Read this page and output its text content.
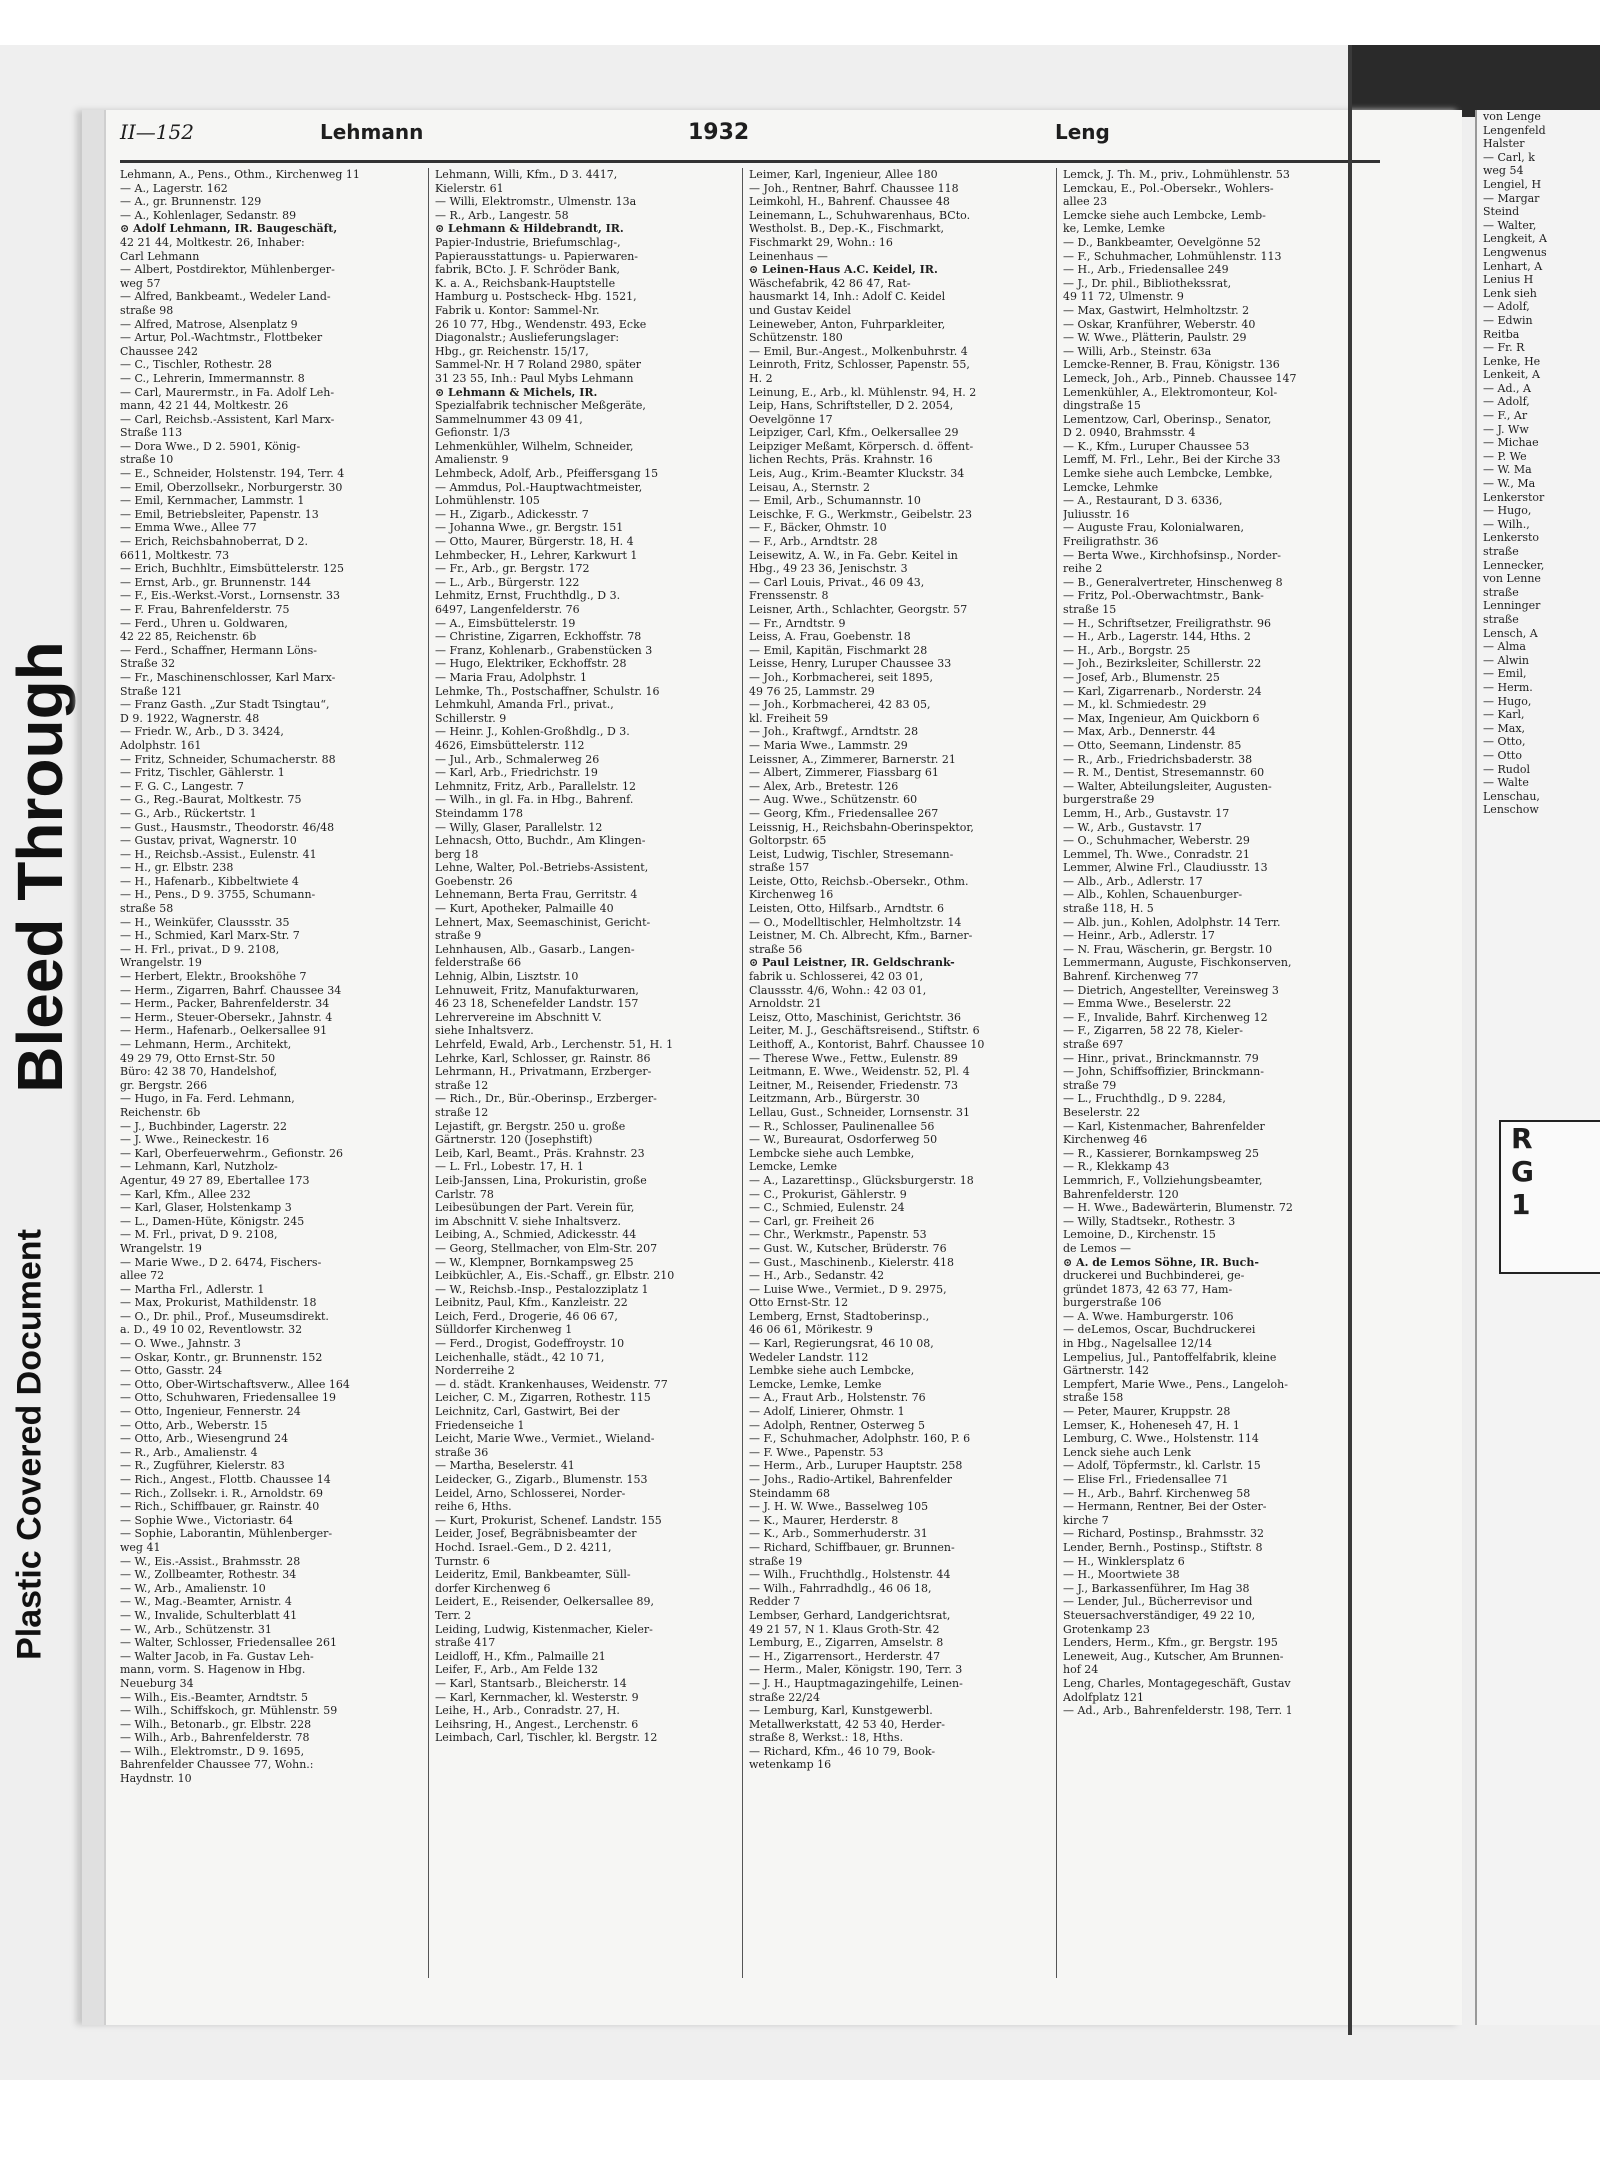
Bleed Through
Plastic Covered Document
II—152	Lehmann	1932	Leng
Lehmann, A., Pens., Othm., Kirchenweg 11
— A., Lagerstr. 162
— A., gr. Brunnenstr. 129
— A., Kohlenlager, Sedanstr. 89
⊙ Adolf Lehmann, IR. Baugeschäft,
42 21 44, Moltkestr. 26, Inhaber:
Carl Lehmann
— Albert, Postdirektor, Mühlenberger-
weg 57
— Alfred, Bankbeamt., Wedeler Land-
straße 98
— Alfred, Matrose, Alsenplatz 9
— Artur, Pol.-Wachtmstr., Flottbeker
Chaussee 242
— C., Tischler, Rothestr. 28
— C., Lehrerin, Immermannstr. 8
— Carl, Maurermstr., in Fa. Adolf Leh-
mann, 42 21 44, Moltkestr. 26
— Carl, Reichsb.-Assistent, Karl Marx-
Straße 113
— Dora Wwe., D 2. 5901, König-
straße 10
— E., Schneider, Holstenstr. 194, Terr. 4
— Emil, Oberzollsekr., Norburgerstr. 30
— Emil, Kernmacher, Lammstr. 1
— Emil, Betriebsleiter, Papenstr. 13
— Emma Wwe., Allee 77
— Erich, Reichsbahnoberrat, D 2.
6611, Moltkestr. 73
— Erich, Buchhltr., Eimsbüttelerstr. 125
— Ernst, Arb., gr. Brunnenstr. 144
— F., Eis.-Werkst.-Vorst., Lornsenstr. 33
— F. Frau, Bahrenfelderstr. 75
— Ferd., Uhren u. Goldwaren,
42 22 85, Reichenstr. 6b
— Ferd., Schaffner, Hermann Löns-
Straße 32
— Fr., Maschinenschlosser, Karl Marx-
Straße 121
— Franz Gasth. „Zur Stadt Tsingtau“,
D 9. 1922, Wagnerstr. 48
— Friedr. W., Arb., D 3. 3424,
Adolphstr. 161
— Fritz, Schneider, Schumacherstr. 88
— Fritz, Tischler, Gählerstr. 1
— F. G. C., Langestr. 7
— G., Reg.-Baurat, Moltkestr. 75
— G., Arb., Rückertstr. 1
— Gust., Hausmstr., Theodorstr. 46/48
— Gustav, privat, Wagnerstr. 10
— H., Reichsb.-Assist., Eulenstr. 41
— H., gr. Elbstr. 238
— H., Hafenarb., Kibbeltwiete 4
— H., Pens., D 9. 3755, Schumann-
straße 58
— H., Weinküfer, Claussstr. 35
— H., Schmied, Karl Marx-Str. 7
— H. Frl., privat., D 9. 2108,
Wrangelstr. 19
— Herbert, Elektr., Brookshöhe 7
— Herm., Zigarren, Bahrf. Chaussee 34
— Herm., Packer, Bahrenfelderstr. 34
— Herm., Steuer-Obersekr., Jahnstr. 4
— Herm., Hafenarb., Oelkersallee 91
— Lehmann, Herm., Architekt,
49 29 79, Otto Ernst-Str. 50
Büro: 42 38 70, Handelshof,
gr. Bergstr. 266
— Hugo, in Fa. Ferd. Lehmann,
Reichenstr. 6b
— J., Buchbinder, Lagerstr. 22
— J. Wwe., Reineckestr. 16
— Karl, Oberfeuerwehrm., Gefionstr. 26
— Lehmann, Karl, Nutzholz-
Agentur, 49 27 89, Ebertallee 173
— Karl, Kfm., Allee 232
— Karl, Glaser, Holstenkamp 3
— L., Damen-Hüte, Königstr. 245
— M. Frl., privat, D 9. 2108,
Wrangelstr. 19
— Marie Wwe., D 2. 6474, Fischers-
allee 72
— Martha Frl., Adlerstr. 1
— Max, Prokurist, Mathildenstr. 18
— O., Dr. phil., Prof., Museumsdirekt.
a. D., 49 10 02, Reventlowstr. 32
— O. Wwe., Jahnstr. 3
— Oskar, Kontr., gr. Brunnenstr. 152
— Otto, Gasstr. 24
— Otto, Ober-Wirtschaftsverw., Allee 164
— Otto, Schuhwaren, Friedensallee 19
— Otto, Ingenieur, Fennerstr. 24
— Otto, Arb., Weberstr. 15
— Otto, Arb., Wiesengrund 24
— R., Arb., Amalienstr. 4
— R., Zugführer, Kielerstr. 83
— Rich., Angest., Flottb. Chaussee 14
— Rich., Zollsekr. i. R., Arnoldstr. 69
— Rich., Schiffbauer, gr. Rainstr. 40
— Sophie Wwe., Victoriastr. 64
— Sophie, Laborantin, Mühlenberger-
weg 41
— W., Eis.-Assist., Brahmsstr. 28
— W., Zollbeamter, Rothestr. 34
— W., Arb., Amalienstr. 10
— W., Mag.-Beamter, Arnistr. 4
— W., Invalide, Schulterblatt 41
— W., Arb., Schützenstr. 31
— Walter, Schlosser, Friedensallee 261
— Walter Jacob, in Fa. Gustav Leh-
mann, vorm. S. Hagenow in Hbg.
Neueburg 34
— Wilh., Eis.-Beamter, Arndtstr. 5
— Wilh., Schiffskoch, gr. Mühlenstr. 59
— Wilh., Betonarb., gr. Elbstr. 228
— Wilh., Arb., Bahrenfelderstr. 78
— Wilh., Elektromstr., D 9. 1695,
Bahrenfelder Chaussee 77, Wohn.:
Haydnstr. 10
Lehmann, Willi, Kfm., D 3. 4417,
Kielerstr. 61
— Willi, Elektromstr., Ulmenstr. 13a
— R., Arb., Langestr. 58
⊙ Lehmann & Hildebrandt, IR.
Papier-Industrie, Briefumschlag-,
Papierausstattungs- u. Papierwaren-
fabrik, BCto. J. F. Schröder Bank,
K. a. A., Reichsbank-Hauptstelle
Hamburg u. Postscheck- Hbg. 1521,
Fabrik u. Kontor: Sammel-Nr.
26 10 77, Hbg., Wendenstr. 493, Ecke
Diagonalstr.; Auslieferungslager:
Hbg., gr. Reichenstr. 15/17,
Sammel-Nr. H 7 Roland 2980, später
31 23 55, Inh.: Paul Mybs Lehmann
⊙ Lehmann & Michels, IR.
Spezialfabrik technischer Meßgeräte,
Sammelnummer 43 09 41,
Gefionstr. 1/3
Lehmenkühler, Wilhelm, Schneider,
Amalienstr. 9
Lehmbeck, Adolf, Arb., Pfeiffersgang 15
— Ammdus, Pol.-Hauptwachtmeister,
Lohmühlenstr. 105
— H., Zigarb., Adickesstr. 7
— Johanna Wwe., gr. Bergstr. 151
— Otto, Maurer, Bürgerstr. 18, H. 4
Lehmbecker, H., Lehrer, Karkwurt 1
— Fr., Arb., gr. Bergstr. 172
— L., Arb., Bürgerstr. 122
Lehmitz, Ernst, Fruchthdlg., D 3.
6497, Langenfelderstr. 76
— A., Eimsbüttelerstr. 19
— Christine, Zigarren, Eckhoffstr. 78
— Franz, Kohlenarb., Grabenstücken 3
— Hugo, Elektriker, Eckhoffstr. 28
— Maria Frau, Adolphstr. 1
Lehmke, Th., Postschaffner, Schulstr. 16
Lehmkuhl, Amanda Frl., privat.,
Schillerstr. 9
— Heinr. J., Kohlen-Großhdlg., D 3.
4626, Eimsbüttelerstr. 112
— Jul., Arb., Schmalerweg 26
— Karl, Arb., Friedrichstr. 19
Lehmnitz, Fritz, Arb., Parallelstr. 12
— Wilh., in gl. Fa. in Hbg., Bahrenf.
Steindamm 178
— Willy, Glaser, Parallelstr. 12
Lehnacsh, Otto, Buchdr., Am Klingen-
berg 18
Lehne, Walter, Pol.-Betriebs-Assistent,
Goebenstr. 26
Lehnemann, Berta Frau, Gerritstr. 4
— Kurt, Apotheker, Palmaille 40
Lehnert, Max, Seemaschinist, Gericht-
straße 9
Lehnhausen, Alb., Gasarb., Langen-
felderstraße 66
Lehnig, Albin, Lisztstr. 10
Lehnuweit, Fritz, Manufakturwaren,
46 23 18, Schenefelder Landstr. 157
Lehrervereine im Abschnitt V.
siehe Inhaltsverz.
Lehrfeld, Ewald, Arb., Lerchenstr. 51, H. 1
Lehrke, Karl, Schlosser, gr. Rainstr. 86
Lehrmann, H., Privatmann, Erzberger-
straße 12
— Rich., Dr., Bür.-Oberinsp., Erzberger-
straße 12
Lejastift, gr. Bergstr. 250 u. große
Gärtnerstr. 120 (Josephstift)
Leib, Karl, Beamt., Präs. Krahnstr. 23
— L. Frl., Lobestr. 17, H. 1
Leib-Janssen, Lina, Prokuristin, große
Carlstr. 78
Leibesübungen der Part. Verein für,
im Abschnitt V. siehe Inhaltsverz.
Leibing, A., Schmied, Adickesstr. 44
— Georg, Stellmacher, von Elm-Str. 207
— W., Klempner, Bornkampsweg 25
Leibküchler, A., Eis.-Schaff., gr. Elbstr. 210
— W., Reichsb.-Insp., Pestalozziplatz 1
Leibnitz, Paul, Kfm., Kanzleistr. 22
Leich, Ferd., Drogerie, 46 06 67,
Sülldorfer Kirchenweg 1
— Ferd., Drogist, Godeffroystr. 10
Leichenhalle, städt., 42 10 71,
Norderreihe 2
— d. städt. Krankenhauses, Weidenstr. 77
Leicher, C. M., Zigarren, Rothestr. 115
Leichnitz, Carl, Gastwirt, Bei der
Friedenseiche 1
Leicht, Marie Wwe., Vermiet., Wieland-
straße 36
— Martha, Beselerstr. 41
Leidecker, G., Zigarb., Blumenstr. 153
Leidel, Arno, Schlosserei, Norder-
reihe 6, Hths.
— Kurt, Prokurist, Schenef. Landstr. 155
Leider, Josef, Begräbnisbeamter der
Hochd. Israel.-Gem., D 2. 4211,
Turnstr. 6
Leideritz, Emil, Bankbeamter, Süll-
dorfer Kirchenweg 6
Leidert, E., Reisender, Oelkersallee 89,
Terr. 2
Leiding, Ludwig, Kistenmacher, Kieler-
straße 417
Leidloff, H., Kfm., Palmaille 21
Leifer, F., Arb., Am Felde 132
— Karl, Stantsarb., Bleicherstr. 14
— Karl, Kernmacher, kl. Westerstr. 9
Leihe, H., Arb., Conradstr. 27, H.
Leihsring, H., Angest., Lerchenstr. 6
Leimbach, Carl, Tischler, kl. Bergstr. 12
Leimer, Karl, Ingenieur, Allee 180
— Joh., Rentner, Bahrf. Chaussee 118
Leimkohl, H., Bahrenf. Chaussee 48
Leinemann, L., Schuhwarenhaus, BCto.
Westholst. B., Dep.-K., Fischmarkt,
Fischmarkt 29, Wohn.: 16
Leinenhaus —
⊙ Leinen-Haus A.C. Keidel, IR.
Wäschefabrik, 42 86 47, Rat-
hausmarkt 14, Inh.: Adolf C. Keidel
und Gustav Keidel
Leineweber, Anton, Fuhrparkleiter,
Schützenstr. 180
— Emil, Bur.-Angest., Molkenbuhrstr. 4
Leinroth, Fritz, Schlosser, Papenstr. 55,
H. 2
Leinung, E., Arb., kl. Mühlenstr. 94, H. 2
Leip, Hans, Schriftsteller, D 2. 2054,
Oevelgönne 17
Leipziger, Carl, Kfm., Oelkersallee 29
Leipziger Meßamt, Körpersch. d. öffent-
lichen Rechts, Präs. Krahnstr. 16
Leis, Aug., Krim.-Beamter Kluckstr. 34
Leisau, A., Sternstr. 2
— Emil, Arb., Schumannstr. 10
Leischke, F. G., Werkmstr., Geibelstr. 23
— F., Bäcker, Ohmstr. 10
— F., Arb., Arndtstr. 28
Leisewitz, A. W., in Fa. Gebr. Keitel in
Hbg., 49 23 36, Jenischstr. 3
— Carl Louis, Privat., 46 09 43,
Frenssenstr. 8
Leisner, Arth., Schlachter, Georgstr. 57
— Fr., Arndtstr. 9
Leiss, A. Frau, Goebenstr. 18
— Emil, Kapitän, Fischmarkt 28
Leisse, Henry, Luruper Chaussee 33
— Joh., Korbmacherei, seit 1895,
49 76 25, Lammstr. 29
— Joh., Korbmacherei, 42 83 05,
kl. Freiheit 59
— Joh., Kraftwgf., Arndtstr. 28
— Maria Wwe., Lammstr. 29
Leissner, A., Zimmerer, Barnerstr. 21
— Albert, Zimmerer, Fiassbarg 61
— Alex, Arb., Bretestr. 126
— Aug. Wwe., Schützenstr. 60
— Georg, Kfm., Friedensallee 267
Leissnig, H., Reichsbahn-Oberinspektor,
Goltorpstr. 65
Leist, Ludwig, Tischler, Stresemann-
straße 157
Leiste, Otto, Reichsb.-Obersekr., Othm.
Kirchenweg 16
Leisten, Otto, Hilfsarb., Arndtstr. 6
— O., Modelltischler, Helmholtzstr. 14
Leistner, M. Ch. Albrecht, Kfm., Barner-
straße 56
⊙ Paul Leistner, IR. Geldschrank-
fabrik u. Schlosserei, 42 03 01,
Claussstr. 4/6, Wohn.: 42 03 01,
Arnoldstr. 21
Leisz, Otto, Maschinist, Gerichtstr. 36
Leiter, M. J., Geschäftsreisend., Stiftstr. 6
Leithoff, A., Kontorist, Bahrf. Chaussee 10
— Therese Wwe., Fettw., Eulenstr. 89
Leitmann, E. Wwe., Weidenstr. 52, Pl. 4
Leitner, M., Reisender, Friedenstr. 73
Leitzmann, Arb., Bürgerstr. 30
Lellau, Gust., Schneider, Lornsenstr. 31
— R., Schlosser, Paulinenallee 56
— W., Bureaurat, Osdorferweg 50
Lembcke siehe auch Lembke,
Lemcke, Lemke
— A., Lazarettinsp., Glücksburgerstr. 18
— C., Prokurist, Gählerstr. 9
— C., Schmied, Eulenstr. 24
— Carl, gr. Freiheit 26
— Chr., Werkmstr., Papenstr. 53
— Gust. W., Kutscher, Brüderstr. 76
— Gust., Maschinenb., Kielerstr. 418
— H., Arb., Sedanstr. 42
— Luise Wwe., Vermiet., D 9. 2975,
Otto Ernst-Str. 12
Lemberg, Ernst, Stadtoberinsp.,
46 06 61, Mörikestr. 9
— Karl, Regierungsrat, 46 10 08,
Wedeler Landstr. 112
Lembke siehe auch Lembcke,
Lemcke, Lemke, Lemke
— A., Fraut Arb., Holstenstr. 76
— Adolf, Linierer, Ohmstr. 1
— Adolph, Rentner, Osterweg 5
— F., Schuhmacher, Adolphstr. 160, P. 6
— F. Wwe., Papenstr. 53
— Herm., Arb., Luruper Hauptstr. 258
— Johs., Radio-Artikel, Bahrenfelder
Steindamm 68
— J. H. W. Wwe., Basselweg 105
— K., Maurer, Herderstr. 8
— K., Arb., Sommerhuderstr. 31
— Richard, Schiffbauer, gr. Brunnen-
straße 19
— Wilh., Fruchthdlg., Holstenstr. 44
— Wilh., Fahrradhdlg., 46 06 18,
Redder 7
Lembser, Gerhard, Landgerichtsrat,
49 21 57, N 1. Klaus Groth-Str. 42
Lemburg, E., Zigarren, Amselstr. 8
— H., Zigarrensort., Herderstr. 47
— Herm., Maler, Königstr. 190, Terr. 3
— J. H., Hauptmagazingehilfe, Leinen-
straße 22/24
— Lemburg, Karl, Kunstgewerbl.
Metallwerkstatt, 42 53 40, Herder-
straße 8, Werkst.: 18, Hths.
— Richard, Kfm., 46 10 79, Book-
wetenkamp 16
Lemck, J. Th. M., priv., Lohmühlenstr. 53
Lemckau, E., Pol.-Obersekr., Wohlers-
allee 23
Lemcke siehe auch Lembcke, Lemb-
ke, Lemke, Lemke
— D., Bankbeamter, Oevelgönne 52
— F., Schuhmacher, Lohmühlenstr. 113
— H., Arb., Friedensallee 249
— J., Dr. phil., Bibliothekssrat,
49 11 72, Ulmenstr. 9
— Max, Gastwirt, Helmholtzstr. 2
— Oskar, Kranführer, Weberstr. 40
— W. Wwe., Plätterin, Paulstr. 29
— Willi, Arb., Steinstr. 63a
Lemcke-Renner, B. Frau, Königstr. 136
Lemeck, Joh., Arb., Pinneb. Chaussee 147
Lemenkühler, A., Elektromonteur, Kol-
dingstraße 15
Lementzow, Carl, Oberinsp., Senator,
D 2. 0940, Brahmsstr. 4
— K., Kfm., Luruper Chaussee 53
Lemff, M. Frl., Lehr., Bei der Kirche 33
Lemke siehe auch Lembcke, Lembke,
Lemcke, Lehmke
— A., Restaurant, D 3. 6336,
Juliusstr. 16
— Auguste Frau, Kolonialwaren,
Freiligrathstr. 36
— Berta Wwe., Kirchhofsinsp., Norder-
reihe 2
— B., Generalvertreter, Hinschenweg 8
— Fritz, Pol.-Oberwachtmstr., Bank-
straße 15
— H., Schriftsetzer, Freiligrathstr. 96
— H., Arb., Lagerstr. 144, Hths. 2
— H., Arb., Borgstr. 25
— Joh., Bezirksleiter, Schillerstr. 22
— Josef, Arb., Blumenstr. 25
— Karl, Zigarrenarb., Norderstr. 24
— M., kl. Schmiedestr. 29
— Max, Ingenieur, Am Quickborn 6
— Max, Arb., Dennerstr. 44
— Otto, Seemann, Lindenstr. 85
— R., Arb., Friedrichsbaderstr. 38
— R. M., Dentist, Stresemannstr. 60
— Walter, Abteilungsleiter, Augusten-
burgerstraße 29
Lemm, H., Arb., Gustavstr. 17
— W., Arb., Gustavstr. 17
— O., Schuhmacher, Weberstr. 29
Lemmel, Th. Wwe., Conradstr. 21
Lemmer, Alwine Frl., Claudiusstr. 13
— Alb., Arb., Adlerstr. 17
— Alb., Kohlen, Schauenburger-
straße 118, H. 5
— Alb. jun., Kohlen, Adolphstr. 14 Terr.
— Heinr., Arb., Adlerstr. 17
— N. Frau, Wäscherin, gr. Bergstr. 10
Lemmermann, Auguste, Fischkonserven,
Bahrenf. Kirchenweg 77
— Dietrich, Angestellter, Vereinsweg 3
— Emma Wwe., Beselerstr. 22
— F., Invalide, Bahrf. Kirchenweg 12
— F., Zigarren, 58 22 78, Kieler-
straße 697
— Hinr., privat., Brinckmannstr. 79
— John, Schiffsoffizier, Brinckmann-
straße 79
— L., Fruchthdlg., D 9. 2284,
Beselerstr. 22
— Karl, Kistenmacher, Bahrenfelder
Kirchenweg 46
— R., Kassierer, Bornkampsweg 25
— R., Klekkamp 43
Lemmrich, F., Vollziehungsbeamter,
Bahrenfelderstr. 120
— H. Wwe., Badewärterin, Blumenstr. 72
— Willy, Stadtsekr., Rothestr. 3
Lemoine, D., Kirchenstr. 15
de Lemos —
⊙ A. de Lemos Söhne, IR. Buch-
druckerei und Buchbinderei, ge-
gründet 1873, 42 63 77, Ham-
burgerstraße 106
— A. Wwe. Hamburgerstr. 106
— deLemos, Oscar, Buchdruckerei
in Hbg., Nagelsallee 12/14
Lempelius, Jul., Pantoffelfabrik, kleine
Gärtnerstr. 142
Lempfert, Marie Wwe., Pens., Langeloh-
straße 158
— Peter, Maurer, Kruppstr. 28
Lemser, K., Hoheneseh 47, H. 1
Lemburg, C. Wwe., Holstenstr. 114
Lenck siehe auch Lenk
— Adolf, Töpfermstr., kl. Carlstr. 15
— Elise Frl., Friedensallee 71
— H., Arb., Bahrf. Kirchenweg 58
— Hermann, Rentner, Bei der Oster-
kirche 7
— Richard, Postinsp., Brahmsstr. 32
Lender, Bernh., Postinsp., Stiftstr. 8
— H., Winklersplatz 6
— H., Moortwiete 38
— J., Barkassenführer, Im Hag 38
— Lender, Jul., Bücherrevisor und
Steuersachverständiger, 49 22 10,
Grotenkamp 23
Lenders, Herm., Kfm., gr. Bergstr. 195
Leneweit, Aug., Kutscher, Am Brunnen-
hof 24
Leng, Charles, Montagegeschäft, Gustav
Adolfplatz 121
— Ad., Arb., Bahrenfelderstr. 198, Terr. 1
von Lenge
Lengenfeld
Halster
— Carl, k
weg 54
Lengiel, H
— Margar
Steind
— Walter,
Lengkeit, A
Lengwenus
Lenhart, A
Lenius H
Lenk sieh
— Adolf,
— Edwin
Reitba
— Fr. R
Lenke, He
Lenkeit, A
— Ad., A
— Adolf,
— F., Ar
— J. Ww
— Michae
— P. We
— W. Ma
— W., Ma
Lenkerstor
— Hugo,
— Wilh.,
Lenkersto
straße
Lennecker,
von Lenne
straße
Lenninger
straße
Lensch, A
— Alma
— Alwin
— Emil,
— Herm.
— Hugo,
— Karl,
— Max,
— Otto,
— Otto
— Rudol
— Walte
Lenschau,
Lenschow
R
G
1
